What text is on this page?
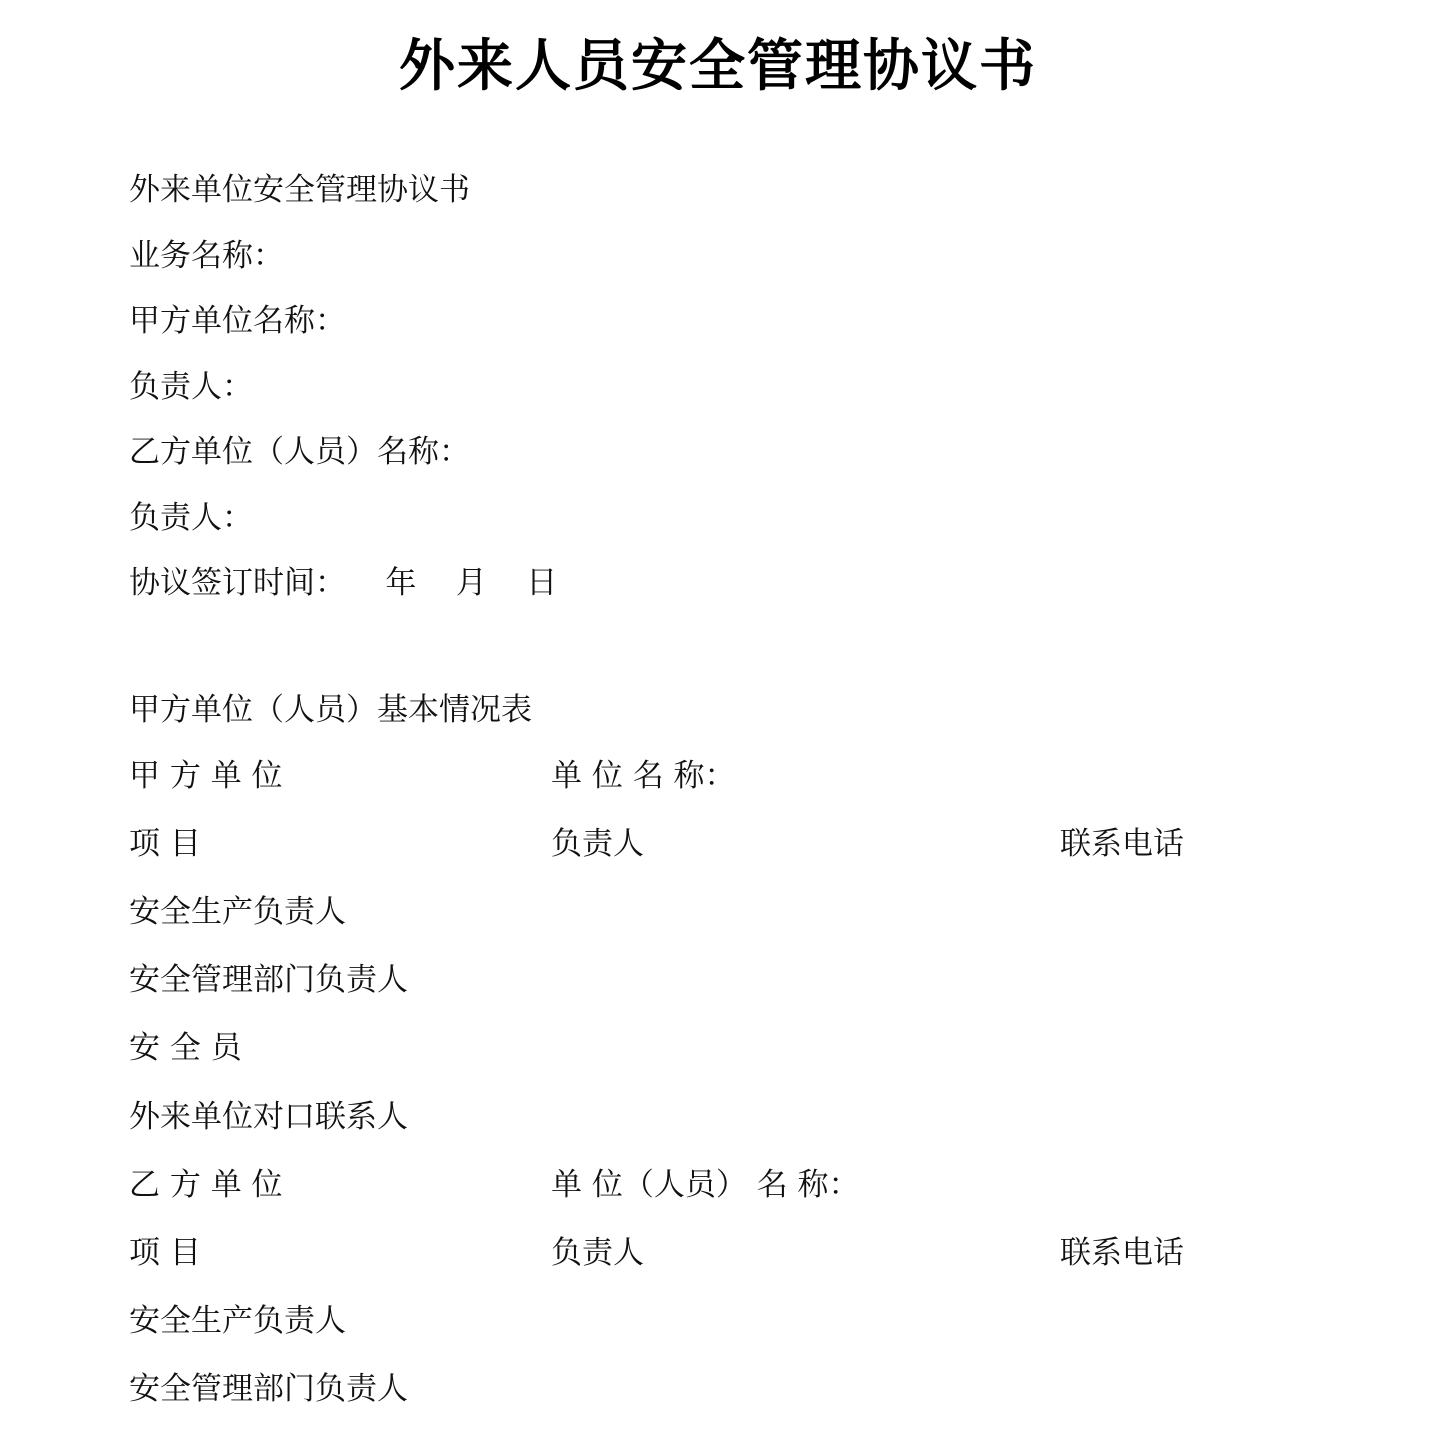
外来人员安全管理协议书
外来单位安全管理协议书
业务名称：
甲方单位名称：
负责人：
乙方单位（人员）名称：
负责人：
协议签订时间：    年    月    日
甲方单位（人员）基本情况表
甲 方 单 位	单 位 名 称：
项 目	负责人	联系电话
安全生产负责人
安全管理部门负责人
安 全 员
外来单位对口联系人
乙 方 单 位	单 位（人员） 名 称：
项 目	负责人	联系电话
安全生产负责人
安全管理部门负责人
